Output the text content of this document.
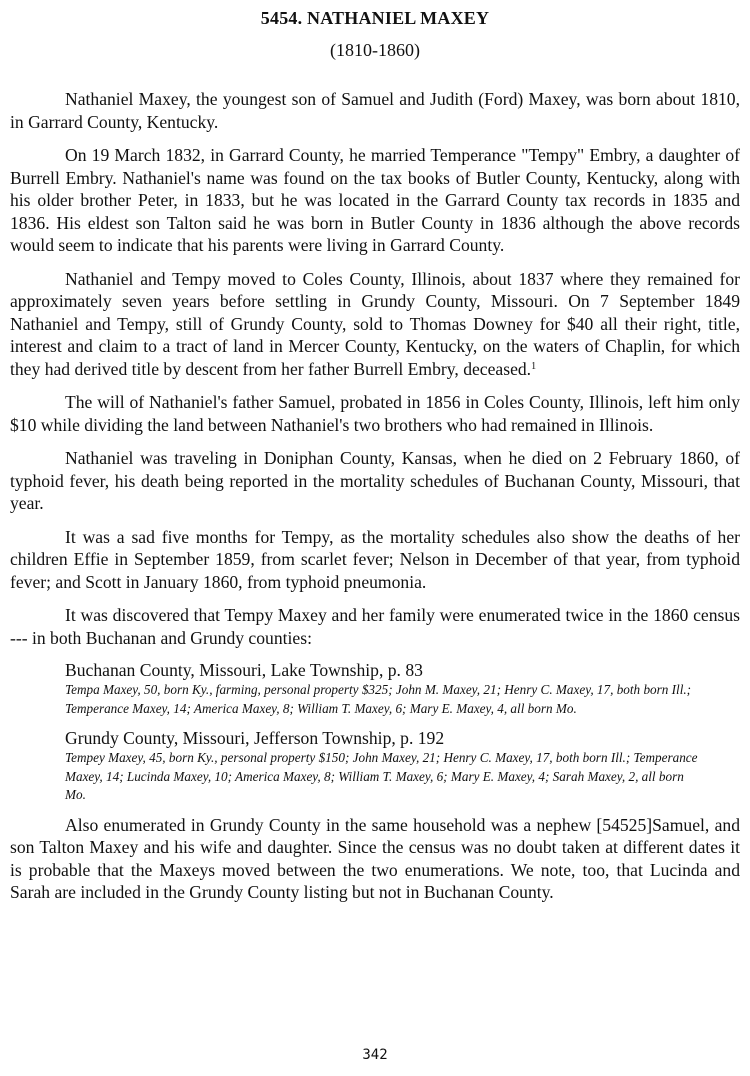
5454. NATHANIEL MAXEY
(1810-1860)

Nathaniel Maxey, the youngest son of Samuel and Judith (Ford) Maxey, was born about 1810, in Garrard County, Kentucky.

On 19 March 1832, in Garrard County, he married Temperance "Tempy" Embry, a daughter of Burrell Embry. Nathaniel's name was found on the tax books of Butler County, Kentucky, along with his older brother Peter, in 1833, but he was located in the Garrard County tax records in 1835 and 1836. His eldest son Talton said he was born in Butler County in 1836 although the above records would seem to indicate that his parents were living in Garrard County.

Nathaniel and Tempy moved to Coles County, Illinois, about 1837 where they remained for approximately seven years before settling in Grundy County, Missouri. On 7 September 1849 Nathaniel and Tempy, still of Grundy County, sold to Thomas Downey for $40 all their right, title, interest and claim to a tract of land in Mercer County, Kentucky, on the waters of Chaplin, for which they had derived title by descent from her father Burrell Embry, deceased.$^1$

The will of Nathaniel's father Samuel, probated in 1856 in Coles County, Illinois, left him only $10 while dividing the land between Nathaniel's two brothers who had remained in Illinois.

Nathaniel was traveling in Doniphan County, Kansas, when he died on 2 February 1860, of typhoid fever, his death being reported in the mortality schedules of Buchanan County, Missouri, that year.

It was a sad five months for Tempy, as the mortality schedules also show the deaths of her children Effie in September 1859, from scarlet fever; Nelson in December of that year, from typhoid fever; and Scott in January 1860, from typhoid pneumonia.

It was discovered that Tempy Maxey and her family were enumerated twice in the 1860 census --- in both Buchanan and Grundy counties:

Buchanan County, Missouri, Lake Township, p. 83
Tempa Maxey, 50, born Ky., farming, personal property $325; John M. Maxey, 21; Henry C. Maxey, 17, both born Ill.; Temperance Maxey, 14; America Maxey, 8; William T. Maxey, 6; Mary E. Maxey, 4, all born Mo.
Grundy County, Missouri, Jefferson Township, p. 192
Tempey Maxey, 45, born Ky., personal property $150; John Maxey, 21; Henry C. Maxey, 17, both born Ill.; Temperance Maxey, 14; Lucinda Maxey, 10; America Maxey, 8; William T. Maxey, 6; Mary E. Maxey, 4; Sarah Maxey, 2, all born Mo.

Also enumerated in Grundy County in the same household was a nephew [54525]Samuel, and son Talton Maxey and his wife and daughter. Since the census was no doubt taken at different dates it is probable that the Maxeys moved between the two enumerations. We note, too, that Lucinda and Sarah are included in the Grundy County listing but not in Buchanan County.

342
